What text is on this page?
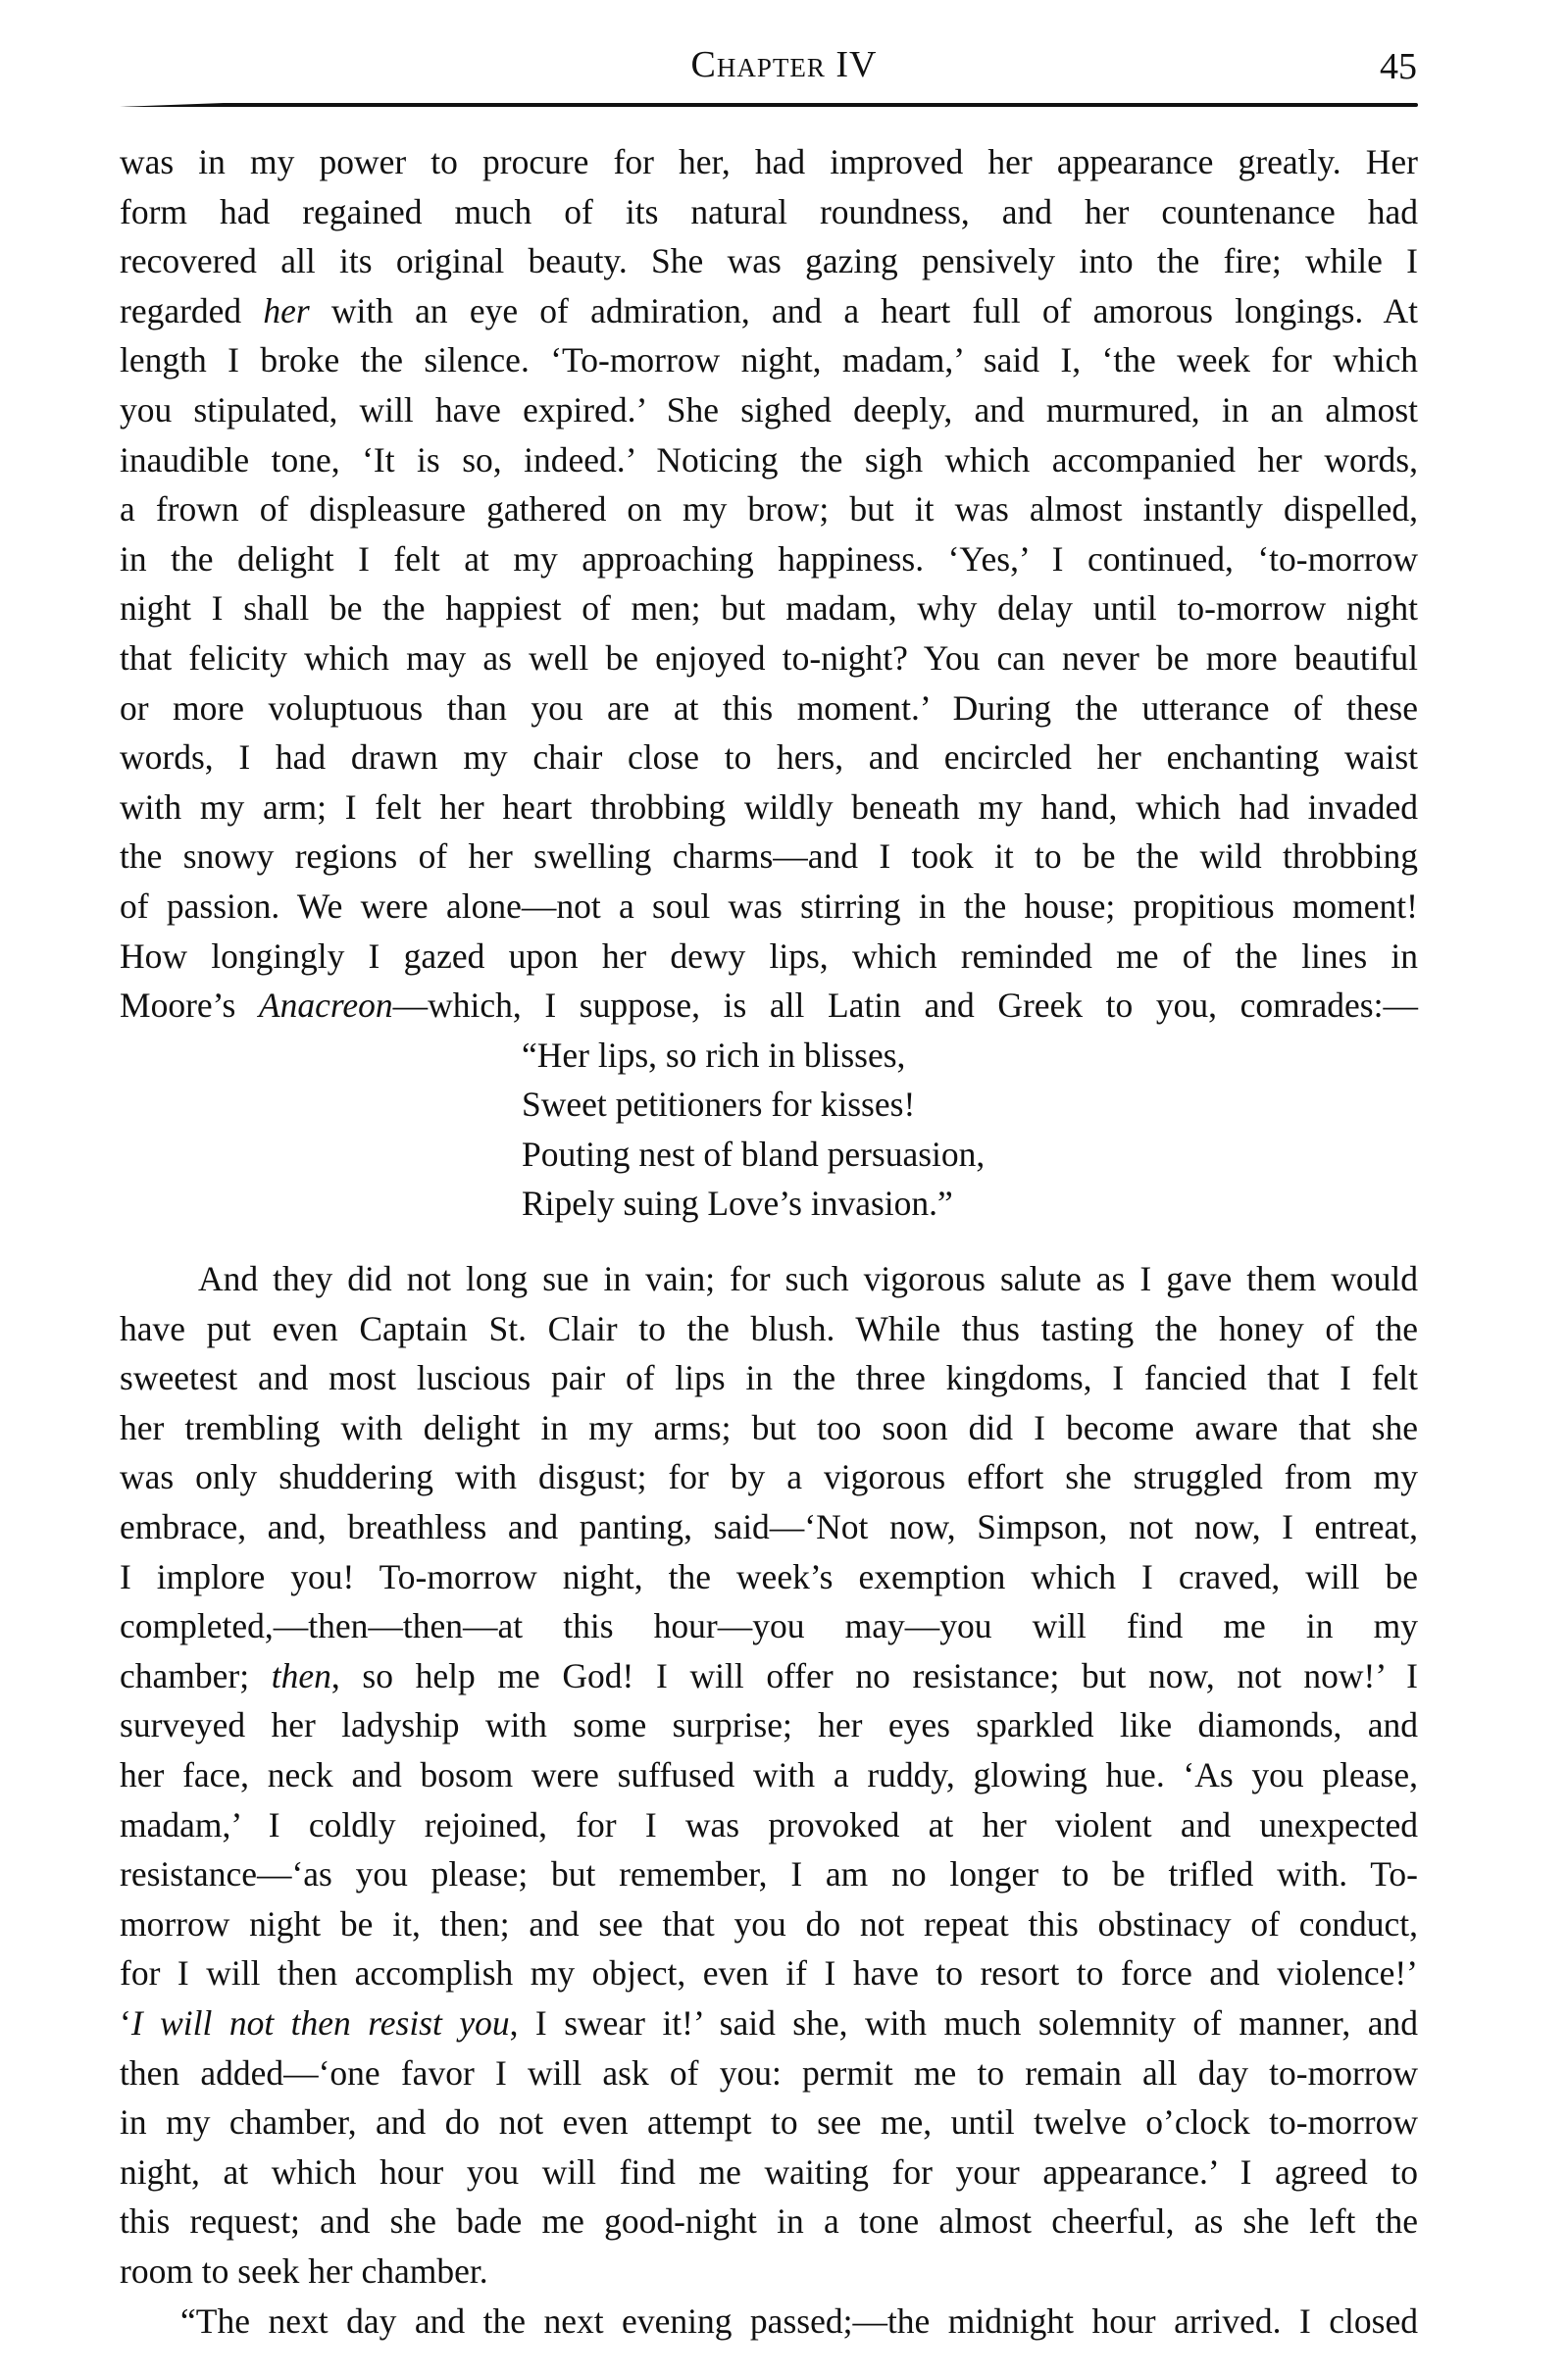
Chapter IV	45
was in my power to procure for her, had improved her appearance greatly. Her
form had regained much of its natural roundness, and her countenance had
recovered all its original beauty. She was gazing pensively into the fire; while I
regarded her with an eye of admiration, and a heart full of amorous longings. At
length I broke the silence. ‘To-morrow night, madam,’ said I, ‘the week for which
you stipulated, will have expired.’ She sighed deeply, and murmured, in an almost
inaudible tone, ‘It is so, indeed.’ Noticing the sigh which accompanied her words,
a frown of displeasure gathered on my brow; but it was almost instantly dispelled,
in the delight I felt at my approaching happiness. ‘Yes,’ I continued, ‘to-morrow
night I shall be the happiest of men; but madam, why delay until to-morrow night
that felicity which may as well be enjoyed to-night? You can never be more beautiful
or more voluptuous than you are at this moment.’ During the utterance of these
words, I had drawn my chair close to hers, and encircled her enchanting waist
with my arm; I felt her heart throbbing wildly beneath my hand, which had invaded
the snowy regions of her swelling charms—and I took it to be the wild throbbing
of passion. We were alone—not a soul was stirring in the house; propitious moment!
How longingly I gazed upon her dewy lips, which reminded me of the lines in
Moore’s Anacreon—which, I suppose, is all Latin and Greek to you, comrades:—
“Her lips, so rich in blisses,
Sweet petitioners for kisses!
Pouting nest of bland persuasion,
Ripely suing Love’s invasion.”
And they did not long sue in vain; for such vigorous salute as I gave them would
have put even Captain St. Clair to the blush. While thus tasting the honey of the
sweetest and most luscious pair of lips in the three kingdoms, I fancied that I felt
her trembling with delight in my arms; but too soon did I become aware that she
was only shuddering with disgust; for by a vigorous effort she struggled from my
embrace, and, breathless and panting, said—‘Not now, Simpson, not now, I entreat,
I implore you! To-morrow night, the week’s exemption which I craved, will be
completed,—then—then—at this hour—you may—you will find me in my
chamber; then, so help me God! I will offer no resistance; but now, not now!’ I
surveyed her ladyship with some surprise; her eyes sparkled like diamonds, and
her face, neck and bosom were suffused with a ruddy, glowing hue. ‘As you please,
madam,’ I coldly rejoined, for I was provoked at her violent and unexpected
resistance—‘as you please; but remember, I am no longer to be trifled with. To-
morrow night be it, then; and see that you do not repeat this obstinacy of conduct,
for I will then accomplish my object, even if I have to resort to force and violence!’
‘I will not then resist you, I swear it!’ said she, with much solemnity of manner, and
then added—‘one favor I will ask of you: permit me to remain all day to-morrow
in my chamber, and do not even attempt to see me, until twelve o’clock to-morrow
night, at which hour you will find me waiting for your appearance.’ I agreed to
this request; and she bade me good-night in a tone almost cheerful, as she left the
room to seek her chamber.
“The next day and the next evening passed;—the midnight hour arrived. I closed
